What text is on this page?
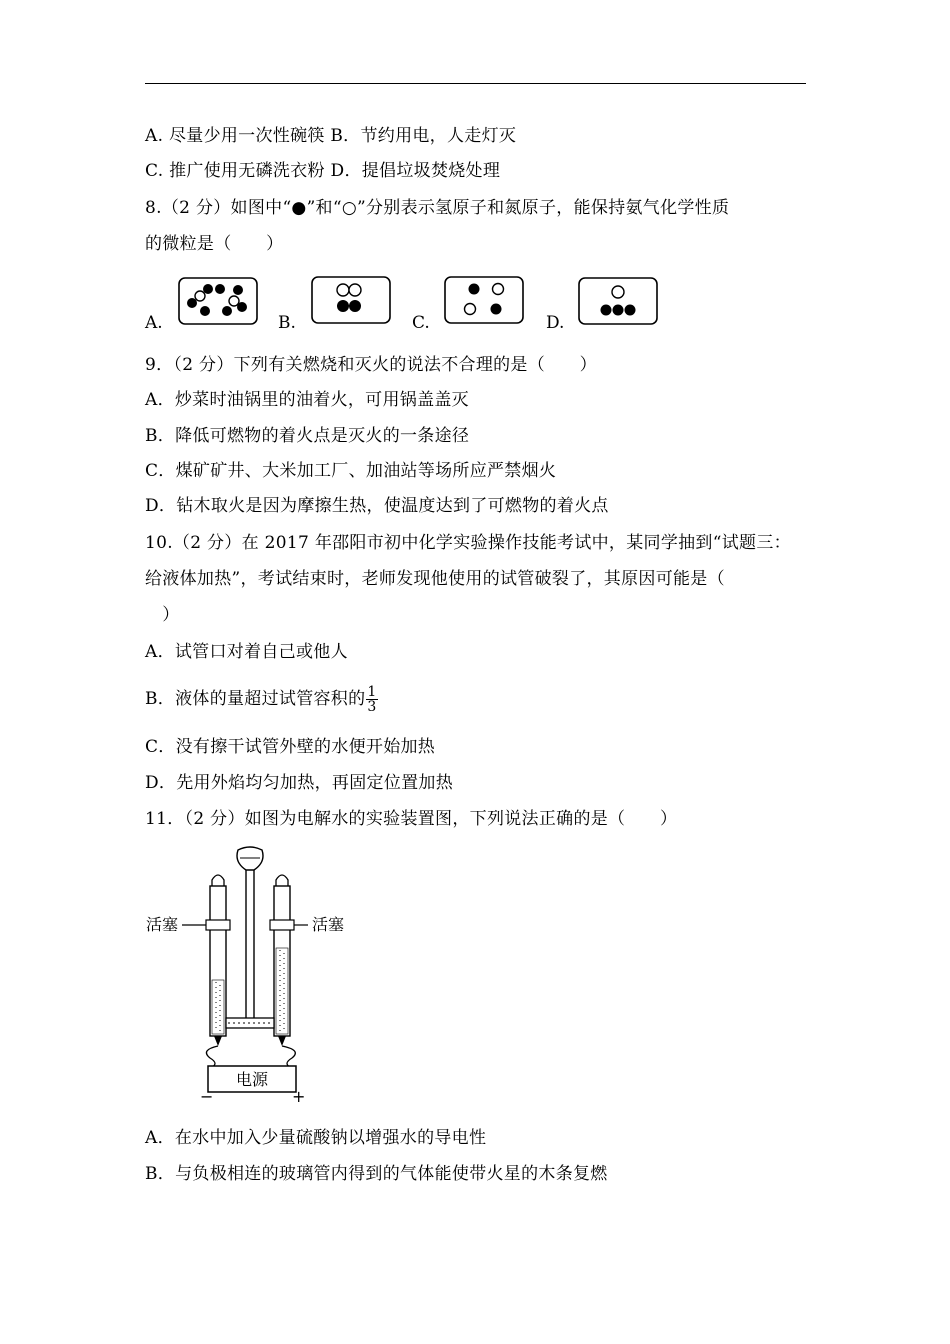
A. 尽量少用一次性碗筷 B．节约用电，人走灯灭
C. 推广使用无磷洗衣粉 D．提倡垃圾焚烧处理
8.（2 分）如图中“●”和“○”分别表示氢原子和氮原子，能保持氨气化学性质
的微粒是（　　）
A.	B.	C.	D.
9．（2 分）下列有关燃烧和灭火的说法不合理的是（　　）
A．炒菜时油锅里的油着火，可用锅盖盖灭
B．降低可燃物的着火点是灭火的一条途径
C．煤矿矿井、大米加工厂、加油站等场所应严禁烟火
D．钻木取火是因为摩擦生热，使温度达到了可燃物的着火点
10.（2 分）在 2017 年邵阳市初中化学实验操作技能考试中，某同学抽到“试题三：
给液体加热”，考试结束时，老师发现他使用的试管破裂了，其原因可能是（
　）
A．试管口对着自己或他人
B．液体的量超过试管容积的 $\frac{1}{3}$
C．没有擦干试管外壁的水便开始加热
D．先用外焰均匀加热，再固定位置加热
11．（2 分）如图为电解水的实验装置图，下列说法正确的是（　　）
电源
−	+
活塞	活塞
A．在水中加入少量硫酸钠以增强水的导电性
B．与负极相连的玻璃管内得到的气体能使带火星的木条复燃
